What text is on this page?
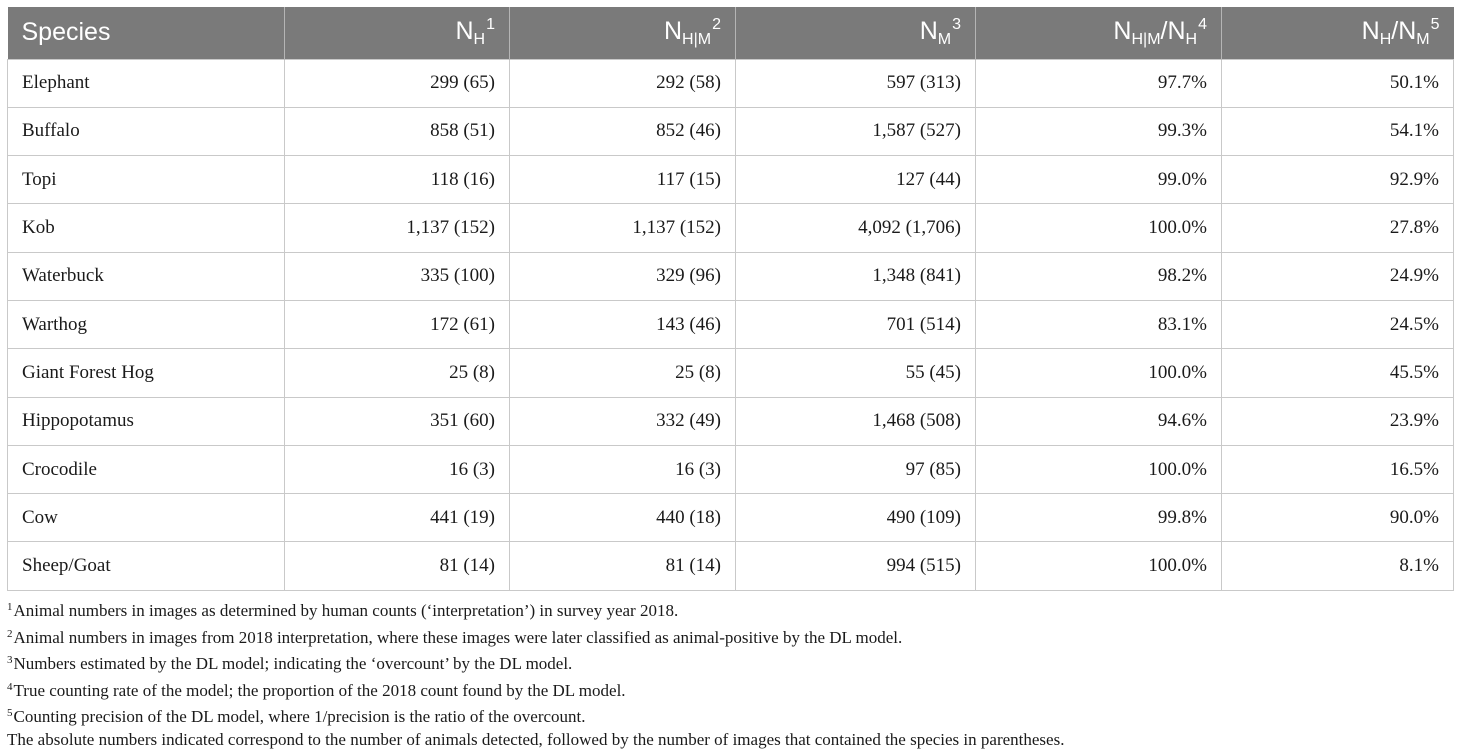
Species	$N_H^1$	$N_{H|M}^2$	$N_M^3$	$N_{H|M}/N_H^4$	$N_H/N_M^5$
Elephant	299 (65)	292 (58)	597 (313)	97.7%	50.1%
Buffalo	858 (51)	852 (46)	1,587 (527)	99.3%	54.1%
Topi	118 (16)	117 (15)	127 (44)	99.0%	92.9%
Kob	1,137 (152)	1,137 (152)	4,092 (1,706)	100.0%	27.8%
Waterbuck	335 (100)	329 (96)	1,348 (841)	98.2%	24.9%
Warthog	172 (61)	143 (46)	701 (514)	83.1%	24.5%
Giant Forest Hog	25 (8)	25 (8)	55 (45)	100.0%	45.5%
Hippopotamus	351 (60)	332 (49)	1,468 (508)	94.6%	23.9%
Crocodile	16 (3)	16 (3)	97 (85)	100.0%	16.5%
Cow	441 (19)	440 (18)	490 (109)	99.8%	90.0%
Sheep/Goat	81 (14)	81 (14)	994 (515)	100.0%	8.1%

$^1$Animal numbers in images as determined by human counts (‘interpretation’) in survey year 2018.

$^2$Animal numbers in images from 2018 interpretation, where these images were later classified as animal-positive by the DL model.

$^3$Numbers estimated by the DL model; indicating the ‘overcount’ by the DL model.

$^4$True counting rate of the model; the proportion of the 2018 count found by the DL model.

$^5$Counting precision of the DL model, where 1/precision is the ratio of the overcount.

The absolute numbers indicated correspond to the number of animals detected, followed by the number of images that contained the species in parentheses.
